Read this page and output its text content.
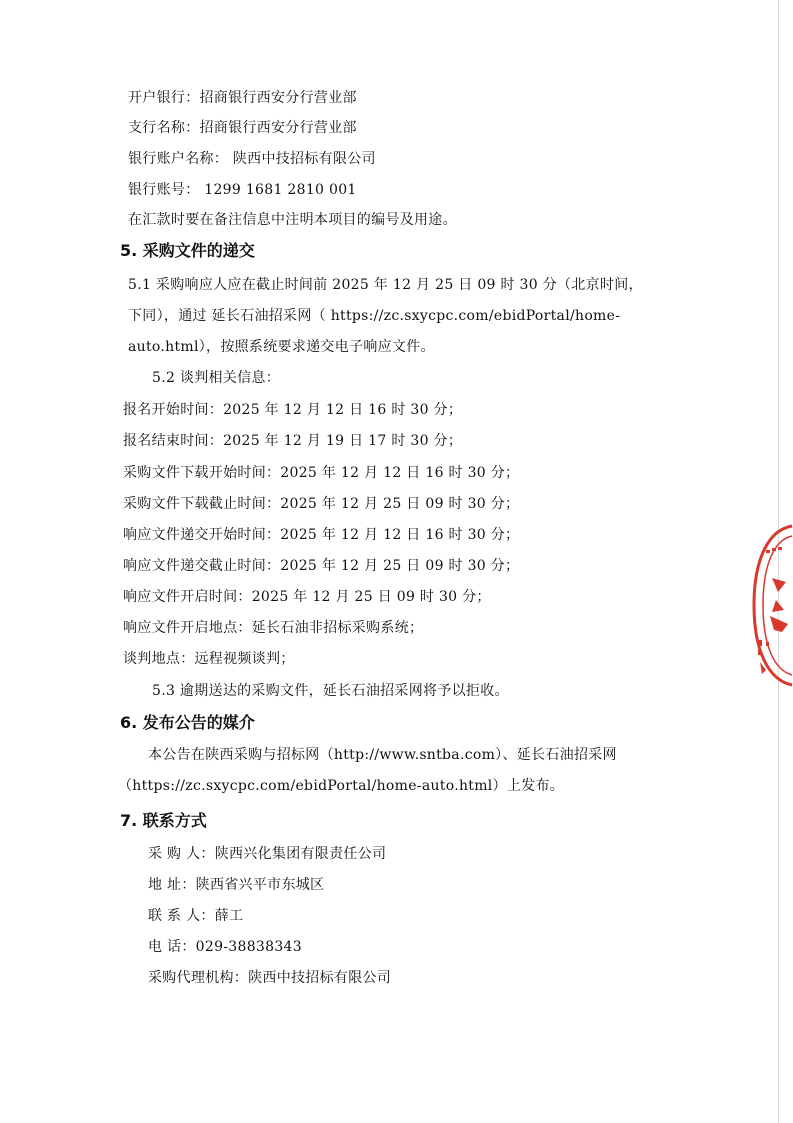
开户银行：招商银行西安分行营业部
支行名称：招商银行西安分行营业部
银行账户名称： 陕西中技招标有限公司
银行账号： 1299 1681 2810 001
在汇款时要在备注信息中注明本项目的编号及用途。
5. 采购文件的递交
5.1 采购响应人应在截止时间前 2025 年 12 月 25 日 09 时 30 分（北京时间，
下同），通过 延长石油招采网（ https://zc.sxycpc.com/ebidPortal/home-
auto.html），按照系统要求递交电子响应文件。
5.2 谈判相关信息：
报名开始时间：2025 年 12 月 12 日 16 时 30 分；
报名结束时间：2025 年 12 月 19 日 17 时 30 分；
采购文件下载开始时间：2025 年 12 月 12 日 16 时 30 分；
采购文件下载截止时间：2025 年 12 月 25 日 09 时 30 分；
响应文件递交开始时间：2025 年 12 月 12 日 16 时 30 分；
响应文件递交截止时间：2025 年 12 月 25 日 09 时 30 分；
响应文件开启时间：2025 年 12 月 25 日 09 时 30 分；
响应文件开启地点：延长石油非招标采购系统；
谈判地点：远程视频谈判；
5.3 逾期送达的采购文件，延长石油招采网将予以拒收。
6. 发布公告的媒介
本公告在陕西采购与招标网（http://www.sntba.com）、延长石油招采网
（https://zc.sxycpc.com/ebidPortal/home-auto.html）上发布。
7. 联系方式
采 购 人：陕西兴化集团有限责任公司
地 址：陕西省兴平市东城区
联 系 人：薛工
电 话：029-38838343
采购代理机构：陕西中技招标有限公司
